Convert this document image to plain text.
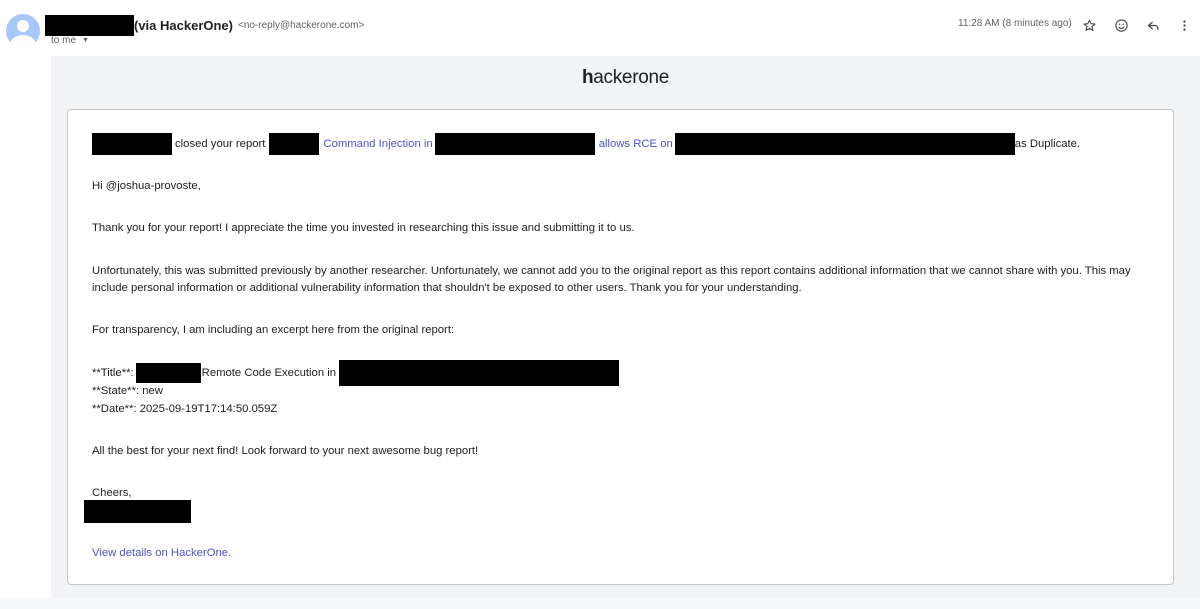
(via HackerOne) <no-reply@hackerone.com>
to me ▼
11:28 AM (8 minutes ago)
hackerone

closed your report	Command Injection in	allows RCE on	as Duplicate.

Hi @joshua-provoste,

Thank you for your report! I appreciate the time you invested in researching this issue and submitting it to us.

Unfortunately, this was submitted previously by another researcher. Unfortunately, we cannot add you to the original report as this report contains additional information that we cannot share with you. This may

include personal information or additional vulnerability information that shouldn't be exposed to other users. Thank you for your understanding.

For transparency, I am including an excerpt here from the original report:

**Title**:	Remote Code Execution in

**State**: new

**Date**: 2025-09-19T17:14:50.059Z

All the best for your next find! Look forward to your next awesome bug report!

Cheers,

View details on HackerOne.
